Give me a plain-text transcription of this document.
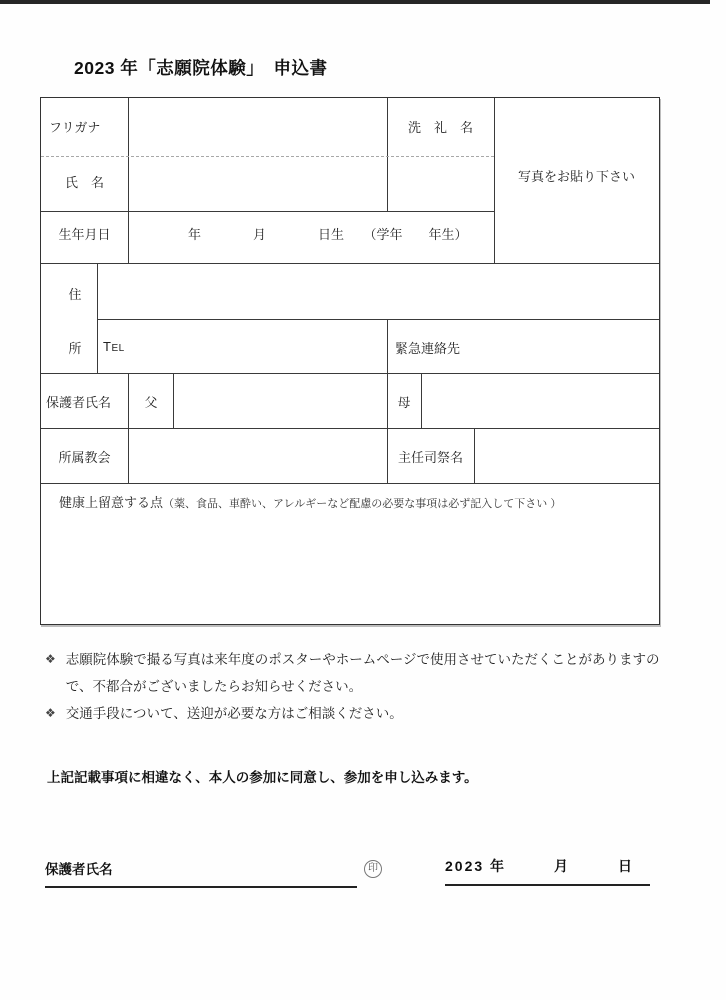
2023 年「志願院体験」　申込書
フリガナ	洗　礼　名
氏　名	写真をお貼り下さい
生年月日	年　　　　月　　　　日生　　（学年　　年生）
住
所	TEL	緊急連絡先
保護者氏名	父	母
所属教会	主任司祭名
健康上留意する点（薬、食品、車酔い、アレルギーなど配慮の必要な事項は必ず記入して下さい ）
❖ 志願院体験で撮る写真は来年度のポスターやホームページで使用させていただくことがありますので、不都合がございましたらお知らせください。
❖ 交通手段について、送迎が必要な方はご相談ください。
上記記載事項に相違なく、本人の参加に同意し、参加を申し込みます。
保護者氏名	印	2023 年　　　月　　　日
